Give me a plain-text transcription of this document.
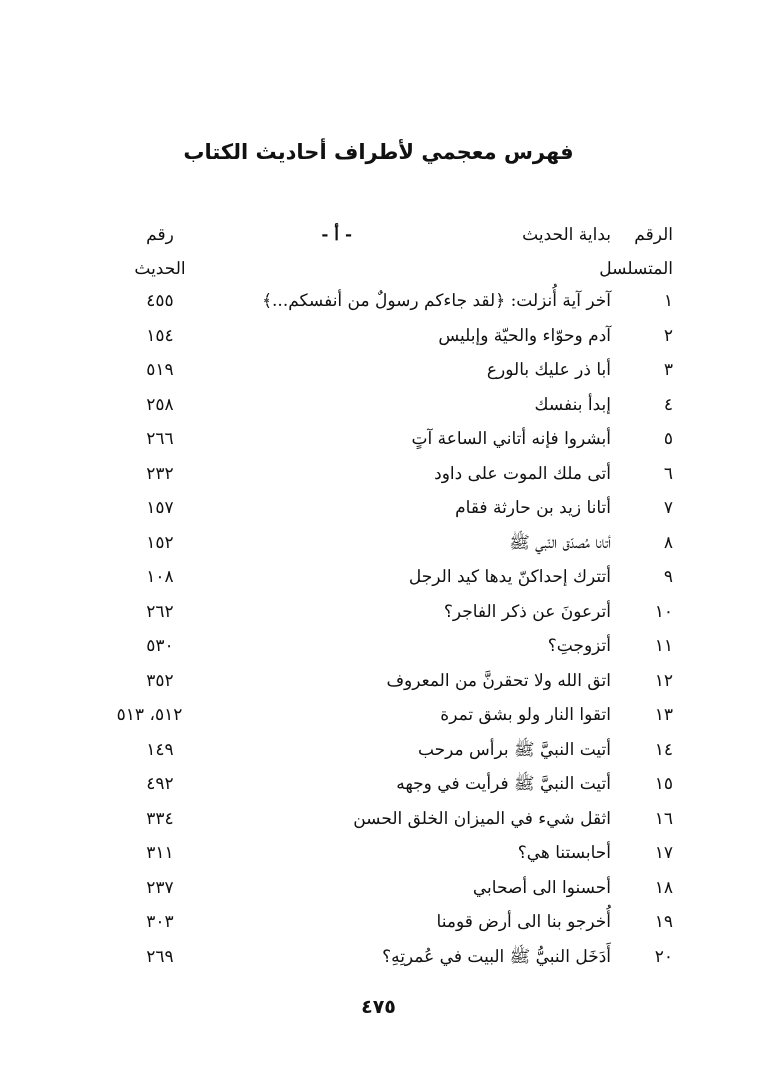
فهرس معجمي لأطراف أحاديث الكتاب
الرقم
المتسلسل
بداية الحديث
- أ -
رقم
الحديث
١
آخر آية أُنزلت: ﴿لقد جاءكم رسولٌ من أنفسكم...﴾
٤٥٥
٢
آدم وحوّاء والحيّة وإبليس
١٥٤
٣
أبا ذر عليك بالورع
٥١٩
٤
إبدأ بنفسك
٢٥٨
٥
أبشروا فإنه أتاني الساعة آتٍ
٢٦٦
٦
أتى ملك الموت على داود
٢٣٢
٧
أتانا زيد بن حارثة فقام
١٥٧
٨
أتانا مُصدّق النّبي ﷺ
١٥٢
٩
أتترك إحداكنّ يدها كيد الرجل
١٠٨
١٠
أترعونَ عن ذكر الفاجر؟
٢٦٢
١١
أتزوجتِ؟
٥٣٠
١٢
اتق الله ولا تحقرنَّ من المعروف
٣٥٢
١٣
اتقوا النار ولو بشق تمرة
٥١٢، ٥١٣
١٤
أتيت النبيَّ ﷺ برأس مرحب
١٤٩
١٥
أتيت النبيَّ ﷺ فرأيت في وجهه
٤٩٢
١٦
اثقل شيء في الميزان الخلق الحسن
٣٣٤
١٧
أحابستنا هي؟
٣١١
١٨
أحسنوا الى أصحابي
٢٣٧
١٩
أُخرجو بنا الى أرض قومنا
٣٠٣
٢٠
أَدَخَل النبيُّ ﷺ البيت في عُمرتِهِ؟
٢٦٩
٤٧٥
